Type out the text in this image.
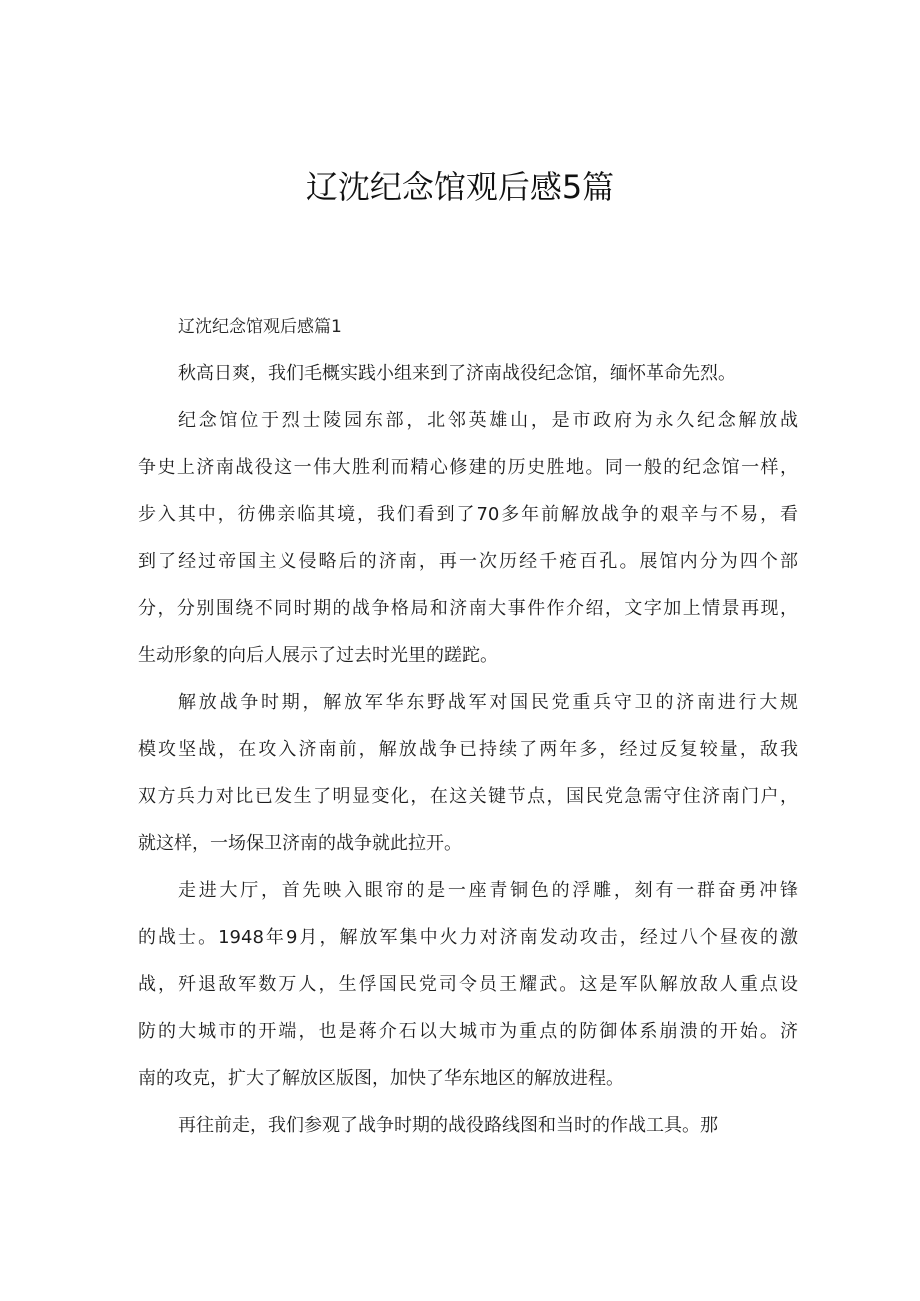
辽沈纪念馆观后感5篇
辽沈纪念馆观后感篇1
秋高日爽，我们毛概实践小组来到了济南战役纪念馆，缅怀革命先烈。
纪念馆位于烈士陵园东部，北邻英雄山，是市政府为永久纪念解放战
争史上济南战役这一伟大胜利而精心修建的历史胜地。同一般的纪念馆一样，
步入其中，彷佛亲临其境，我们看到了70多年前解放战争的艰辛与不易，看
到了经过帝国主义侵略后的济南，再一次历经千疮百孔。展馆内分为四个部
分，分别围绕不同时期的战争格局和济南大事件作介绍，文字加上情景再现，
生动形象的向后人展示了过去时光里的蹉跎。
解放战争时期，解放军华东野战军对国民党重兵守卫的济南进行大规
模攻坚战，在攻入济南前，解放战争已持续了两年多，经过反复较量，敌我
双方兵力对比已发生了明显变化，在这关键节点，国民党急需守住济南门户，
就这样，一场保卫济南的战争就此拉开。
走进大厅，首先映入眼帘的是一座青铜色的浮雕，刻有一群奋勇冲锋
的战士。1948年9月，解放军集中火力对济南发动攻击，经过八个昼夜的激
战，歼退敌军数万人，生俘国民党司令员王耀武。这是军队解放敌人重点设
防的大城市的开端，也是蒋介石以大城市为重点的防御体系崩溃的开始。济
南的攻克，扩大了解放区版图，加快了华东地区的解放进程。
再往前走，我们参观了战争时期的战役路线图和当时的作战工具。那
